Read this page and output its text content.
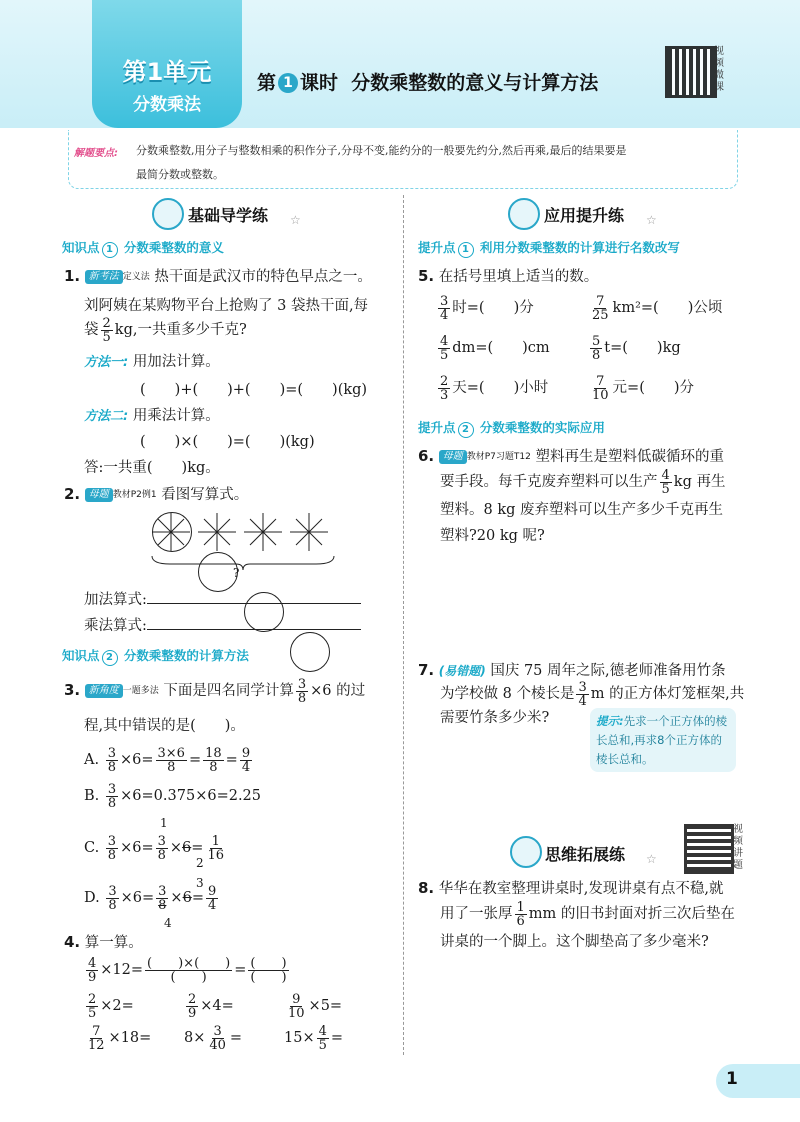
第1单元
分数乘法
第 1 课时 分数乘整数的意义与计算方法
视频微课
解题要点: 分数乘整数,用分子与整数相乘的积作分子,分母不变,能约分的一般要先约分,然后再乘,最后的结果要是
最简分数或整数。
基础导学练 ☆
知识点 1 分数乘整数的意义
1. 新考法 定义法 热干面是武汉市的特色早点之一。
刘阿姨在某购物平台上抢购了 3 袋热干面,每
袋 $\frac{2}{5}$ kg,一共重多少千克?
方法一: 用加法计算。
(　　)+(　　)+(　　)=(　　)(kg)
方法二: 用乘法计算。
(　　)×(　　)=(　　)(kg)
答:一共重(　　)kg。
2. 母题 教材P2例1 看图写算式。
?
加法算式:
乘法算式:
知识点 2 分数乘整数的计算方法
3. 新角度 一题多法 下面是四名同学计算 $\frac{3}{8} \times 6$ 的过
程,其中错误的是(　　)。
A. $\frac{3}{8} \times 6= \frac{3\times 6}{8} = \frac{18}{8} = \frac{9}{4}$
B. $\frac{3}{8} \times 6=0.375\times 6=2.25$
C. $\frac{3}{8} \times 6= \frac{3}{8} \times 6= \frac{1}{16}$
1
2
D. $\frac{3}{8} \times 6= \frac{3}{8} \times 6= \frac{9}{4}$
3
4
4. 算一算。
$\frac{4}{9} \times 12= \frac{( )\times( )}{( )} = \frac{( )}{( )}$
$\frac{2}{5} \times 2=$	$\frac{2}{9} \times 4=$	$\frac{9}{10} \times 5=$
$\frac{7}{12} \times 18= 8\times \frac{3}{40}$ =	$15\times \frac{4}{5}$ =
应用提升练 ☆
提升点 1 利用分数乘整数的计算进行名数改写
5. 在括号里填上适当的数。
$\frac{3}{4}$ 时=(　　)分	$\frac{7}{25} km^2=$(　　)公顷
$\frac{4}{5} dm=$(　　)cm	$\frac{5}{8} t=$(　　)kg
$\frac{2}{3}$ 天=(　　)小时	$\frac{7}{10}$ 元=(　　)分
提升点 2 分数乘整数的实际应用
6. 母题 教材P7习题T12 塑料再生是塑料低碳循环的重
要手段。每千克废弃塑料可以生产 $\frac{4}{5}$ kg 再生
塑料。8 kg 废弃塑料可以生产多少千克再生
塑料?20 kg 呢?
7. (易错题) 国庆 75 周年之际,德老师准备用竹条
为学校做 8 个棱长是 $\frac{3}{4}$ m 的正方体灯笼框架,共
需要竹条多少米?	提示:先求一个正方体的棱长总和,再求8个正方体的棱长总和。
思维拓展练 ☆
视频讲题
8. 华华在教室整理讲桌时,发现讲桌有点不稳,就
用了一张厚 $\frac{1}{6}$ mm 的旧书封面对折三次后垫在
讲桌的一个脚上。这个脚垫高了多少毫米?
1
